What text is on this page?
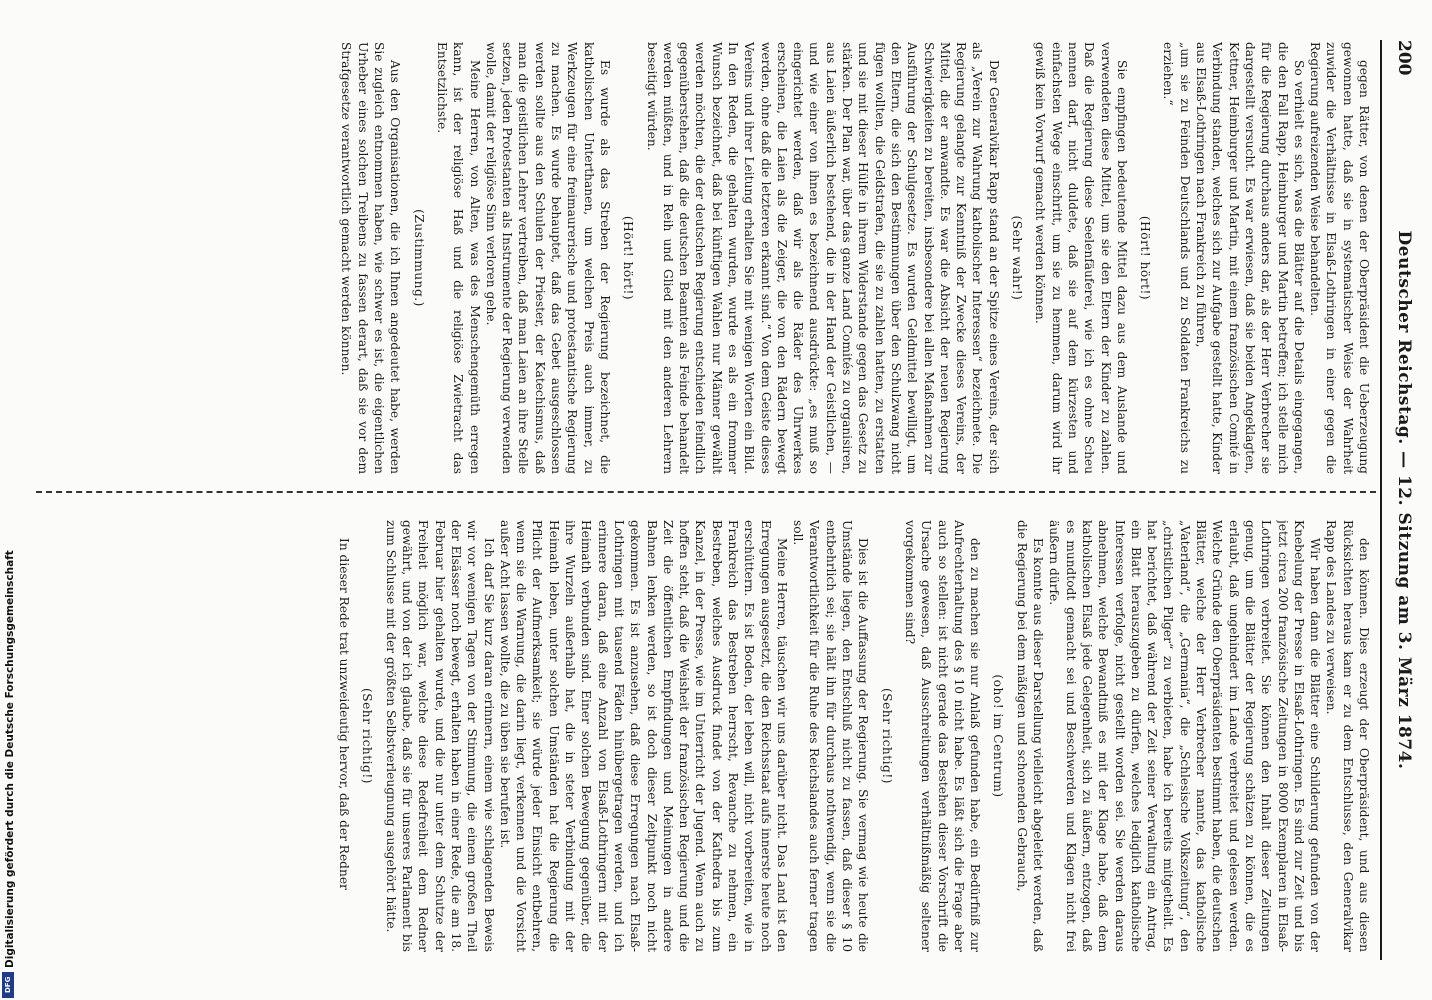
200
Deutscher Reichstag. — 12. Sitzung am 3. März 1874.

gegen Rätter, von denen der Oberpräsident die Ueberzeugung gewonnen hatte, daß sie in systematischer Weise der Wahrheit zuwider die Verhältnisse in Elsaß-Lothringen in einer gegen die Regierung aufreizenden Weise behandelten.

So verhielt es sich, was die Blätter auf die Details eingegangen, die den Fall Rapp, Heimburger und Martin betreffen; ich stelle mich für die Regierung durchaus anders dar, als der Herr Verbrecher sie dargestellt versucht. Es war erwiesen, daß sie beiden Angeklagten, Kettner, Heimburger und Martin, mit einem französischen Comité in Verbindung standen, welches sich zur Aufgabe gestellt hatte, Kinder aus Elsaß-Lothringen nach Frankreich zu führen,

„um sie zu Feinden Deutschlands und zu Soldaten Frankreichs zu erziehen.“

(Hört! hört!)

Sie empfingen bedeutende Mittel dazu aus dem Auslande und verwendeten diese Mittel, um sie den Eltern der Kinder zu zahlen. Daß die Regierung diese Seelenfäuferei, wie ich es ohne Scheu nennen darf, nicht duldete, daß sie auf dem kürzesten und einfachsten Wege einschritt, um sie zu hemmen, darum wird ihr gewiß kein Vorwurf gemacht werden können.

(Sehr wahr!)

Der Generalvikar Rapp stand an der Spitze eines Vereins, der sich als „Verein zur Wahrung katholischer Interessen“ bezeichnete. Die Regierung gelangte zur Kenntniß der Zwecke dieses Vereins, der Mittel, die er anwandte. Es war die Absicht der neuen Regierung Schwierigkeiten zu bereiten, insbesondere bei allen Maßnahmen zur Ausführung der Schulgesetze. Es wurden Geldmittel bewilligt, um den Eltern, die sich den Bestimmungen über den Schulzwang nicht fügen wollten, die Geldstrafen, die sie zu zahlen hatten, zu erstatten und sie mit dieser Hülfe in ihrem Widerstande gegen das Gesetz zu stärken. Der Plan war, über das ganze Land Comités zu organisiren, aus Laien äußerlich bestehend, die in der Hand der Geistlichen, — und wie einer von ihnen es bezeichnend ausdrückte: „es muß so eingerichtet werden, daß wir als die Räder des Uhrwerkes erscheinen, die Laien als die Zeiger, die von den Rädern bewegt werden, ohne daß die letzteren erkannt sind.“ Von dem Geiste dieses Vereins und ihrer Leitung erhalten Sie mit wenigen Worten ein Bild. In den Reden, die gehalten wurden, wurde es als ein frommer Wunsch bezeichnet, daß bei künftigen Wahlen nur Männer gewählt werden möchten, die der deutschen Regierung entschieden feindlich gegenüberstehen, daß die deutschen Beamten als Feinde behandelt werden müßten, und in Reih und Glied mit den anderen Lehrern beseitigt würden.

(Hört! hört!)

Es wurde als das Streben der Regierung bezeichnet, die katholischen Unterthanen, um welchen Preis auch immer, zu Werkzeugen für eine freimaurerische und protestantische Regierung zu machen. Es wurde behauptet, daß das Gebet ausgeschlossen werden sollte aus den Schulen der Priester, der Katechismus, daß man die geistlichen Lehrer vertreiben, daß man Laien an ihre Stelle setzen, jeden Protestanten als Instrumente der Regierung verwenden wolle, damit der religiöse Sinn verloren gehe.

Meine Herren, von Alten, was des Menschengemüth erregen kann, ist der religiöse Haß und die religiöse Zwietracht das Entsetzlichste.

(Zustimmung.)

Aus den Organisationen, die ich Ihnen angedeutet habe, werden Sie zugleich entnommen haben, wie schwer es ist, die eigentlichen Urheber eines solchen Treibens zu fassen derart, daß sie vor dem Strafgesetze verantwortlich gemacht werden können.

den können. Dies erzeugt der Oberpräsident, und aus diesen Rücksichten heraus kam er zu dem Entschlusse, den Generalvikar Rapp des Landes zu verweisen.

Wir haben dann die Blätter eine Schilderung gefunden von der Knebelung der Presse in Elsaß-Lothringen. Es sind zur Zeit und bis jetzt circa 200 französische Zeitungen in 8000 Exemplaren in Elsaß-Lothringen verbreitet. Sie können den Inhalt dieser Zeitungen genug, um die Blätter der Regierung schätzen zu können, die es erlaubt, daß ungehindert im Lande verbreitet und gelesen werden. Welche Gründe den Oberpräsidenten bestimmt haben, die deutschen Blätter, welche der Herr Verbrecher nannte, das katholische „Vaterland“, die „Germania“, die „Schlesische Volkszeitung“, den „christlichen Pilger“ zu verbieten, habe ich bereits mitgetheilt. Es hat berichtet, daß während der Zeit seiner Verwaltung ein Antrag, ein Blatt herauszugeben zu dürfen, welches lediglich katholische Interessen verfolge, nicht gestellt worden sei. Sie werden daraus abnehmen, welche Bewandtniß es mit der Klage habe, daß dem katholischen Elsaß jede Gelegenheit, sich zu äußern, entzogen, daß es mundtodt gemacht sei und Beschwerden und Klagen nicht frei äußern dürfe.

Es konnte aus dieser Darstellung vielleicht abgeleitet werden, daß die Regierung bei dem mäßigen und schonenden Gebrauch,

(oho! im Centrum)

den zu machen sie nur Anlaß gefunden habe, ein Bedürfniß zur Aufrechterhaltung des § 10 nicht habe. Es läßt sich die Frage aber auch so stellen: ist nicht gerade das Bestehen dieser Vorschrift die Ursache gewesen, daß Ausschreitungen verhältnißmäßig seltener vorgekommen sind?

(Sehr richtig!)

Dies ist die Auffassung der Regierung. Sie vermag wie heute die Umstände liegen, den Entschluß nicht zu fassen, daß dieser § 10 entbehrlich sei; sie hält ihn für durchaus nothwendig, wenn sie die Verantwortlichkeit für die Ruhe des Reichslandes auch ferner tragen soll.

Meine Herren, täuschen wir uns darüber nicht. Das Land ist den Erregungen ausgesetzt, die den Reichsstaat aufs innerste heute noch erschüttern. Es ist Boden, der leben will, nicht vorbereiten, wie in Frankreich das Bestreben herrscht, Revanche zu nehmen, ein Bestreben, welches Ausdruck findet von der Kathedra bis zum Kanzel, in der Presse, wie im Unterricht der Jugend. Wenn auch zu hoffen steht, daß die Weisheit der französischen Regierung und die Zeit die öffentlichen Empfindungen und Meinungen in andere Bahnen lenken werden, so ist doch dieser Zeitpunkt noch nicht gekommen. Es ist anzusehen, daß diese Erregungen nach Elsaß-Lothringen mit tausend Fäden hinübergetragen werden, und ich erinnere daran, daß eine Anzahl von Elsaß-Lothringern mit der Heimath verbunden sind. Einer solchen Bewegung gegenüber, die ihre Wurzeln außerhalb hat, die in steter Verbindung mit der Heimath leben, unter solchen Umständen hat die Regierung die Pflicht der Aufmerksamkeit; sie würde jeder Einsicht entbehren, wenn sie die Warnung, die darin liegt, verkennen und die Vorsicht außer Acht lassen wollte, die zu üben sie berufen ist.

Ich darf Sie kurz daran erinnern, einem wie schlagenden Beweis wir vor wenigen Tagen von der Stimmung, die einem großen Theil der Elsässer noch bewegt, erhalten haben in einer Rede, die am 18. Februar hier gehalten wurde, und die nur unter dem Schutze der Freiheit möglich war, welche diese Redefreiheit dem Redner gewährt, und von der ich glaube, daß sie für unseres Parlament bis zum Schlusse mit der größten Selbstverleugnung ausgehört hätte.

(Sehr richtig!)

In dieser Rede trat unzweideutig hervor, daß der Redner

Digitalisierung gefördert durch die Deutsche Forschungsgemeinschaft
DFG
